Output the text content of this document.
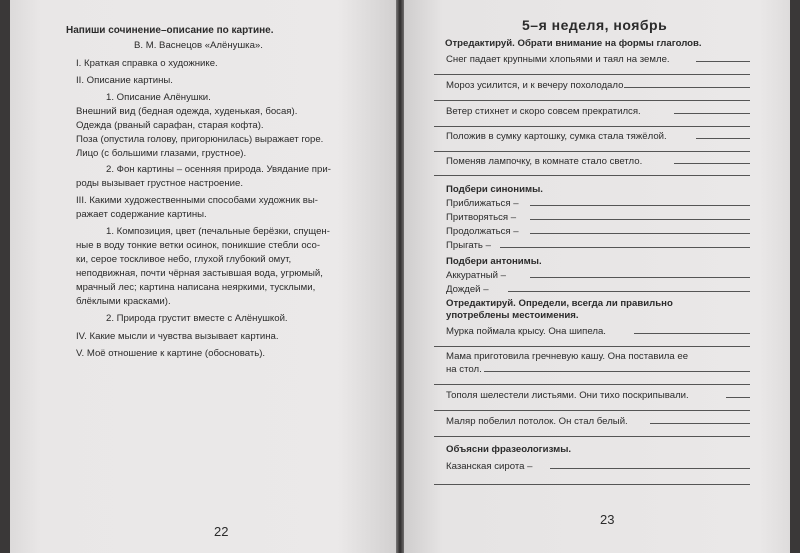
Напиши сочинение–описание по картине.
В. М. Васнецов «Алёнушка».
I. Краткая справка о художнике.
II. Описание картины.
1. Описание Алёнушки.
Внешний вид (бедная одежда, худенькая, босая).
Одежда (рваный сарафан, старая кофта).
Поза (опустила голову, пригорюнилась) выражает горе.
Лицо (с большими глазами, грустное).
2. Фон картины – осенняя природа. Увядание при-
роды вызывает грустное настроение.
III. Какими художественными способами художник вы-
ражает содержание картины.
1. Композиция, цвет (печальные берёзки, спущен-
ные в воду тонкие ветки осинок, поникшие стебли осо-
ки, серое тоскливое небо, глухой глубокий омут,
неподвижная, почти чёрная застывшая вода, угрюмый,
мрачный лес; картина написана неяркими, тусклыми,
блёклыми красками).
2. Природа грустит вместе с Алёнушкой.
IV. Какие мысли и чувства вызывает картина.
V. Моё отношение к картине (обосновать).
22
5–я неделя, ноябрь
Отредактируй. Обрати внимание на формы глаголов.
Снег падает крупными хлопьями и таял на земле.
Мороз усилится, и к вечеру похолодало.
Ветер стихнет и скоро совсем прекратился.
Положив в сумку картошку, сумка стала тяжёлой.
Поменяв лампочку, в комнате стало светло.
Подбери синонимы.
Приближаться –
Притворяться –
Продолжаться –
Прыгать –
Подбери антонимы.
Аккуратный –
Дождей –
Отредактируй. Определи, всегда ли правильно
употреблены местоимения.
Мурка поймала крысу. Она шипела.
Мама приготовила гречневую кашу. Она поставила ее
на стол.
Тополя шелестели листьями. Они тихо поскрипывали.
Маляр побелил потолок. Он стал белый.
Объясни фразеологизмы.
Казанская сирота –
23
